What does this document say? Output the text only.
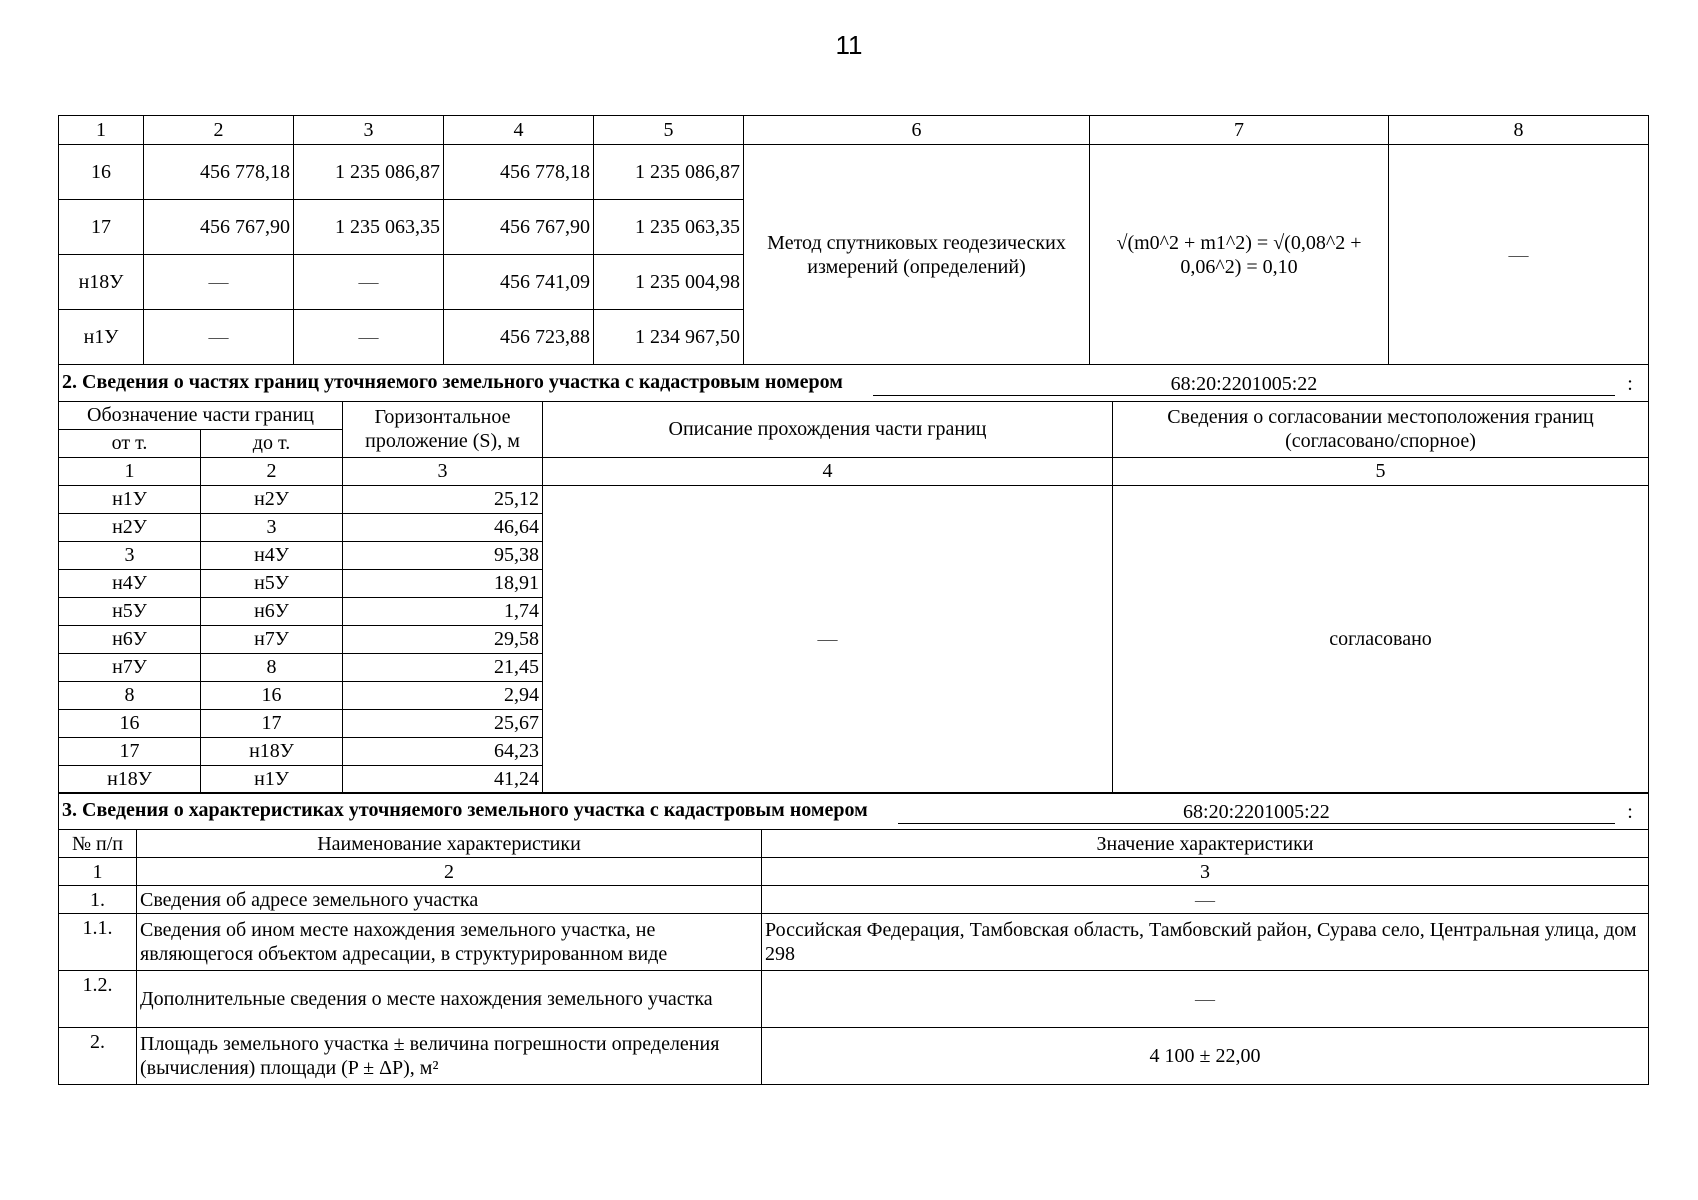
11
1	2	3	4	5	6	7	8
16	456 778,18	1 235 086,87	456 778,18	1 235 086,87	Метод спутниковых геодезических измерений (определений)	√(m0^2 + m1^2) = √(0,08^2 + 0,06^2) = 0,10	—
17	456 767,90	1 235 063,35	456 767,90	1 235 063,35			
н18У	—	—	456 741,09	1 235 004,98			
н1У	—	—	456 723,88	1 234 967,50			
2. Сведения о частях границ уточняемого земельного участка с кадастровым номером 68:20:2201005:22 :				

Обозначение части границ		Горизонтальное проложение (S), м	Описание прохождения части границ	Сведения о согласовании местоположения границ (согласовано/спорное)
от т.	до т.			
1	2	3	4	5
н1У	н2У	25,12	—	согласовано
н2У	3	46,64		
3	н4У	95,38		
н4У	н5У	18,91		
н5У	н6У	1,74		
н6У	н7У	29,58		
н7У	8	21,45		
8	16	2,94		
16	17	25,67		
17	н18У	64,23		
н18У	н1У	41,24		
3. Сведения о характеристиках уточняемого земельного участка с кадастровым номером 68:20:2201005:22 :		

№ п/п	Наименование характеристики	Значение характеристики
1	2	3
1.	Сведения об адресе земельного участка	—
1.1.	Сведения об ином месте нахождения земельного участка, не являющегося объектом адресации, в структурированном виде	Российская Федерация, Тамбовская область, Тамбовский район, Сурава село, Центральная улица, дом 298
1.2.	Дополнительные сведения о месте нахождения земельного участка	—
2.	Площадь земельного участка ± величина погрешности определения (вычисления) площади (P ± ΔP), м²	4 100 ± 22,00
